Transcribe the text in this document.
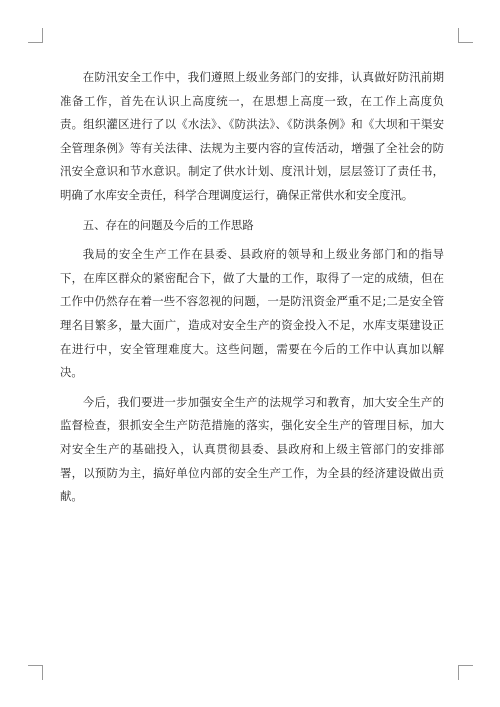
在防汛安全工作中，我们遵照上级业务部门的安排，认真做好防汛前期准备工作，首先在认识上高度统一，在思想上高度一致，在工作上高度负责。组织灌区进行了以《水法》、《防洪法》、《防洪条例》和《大坝和干渠安全管理条例》等有关法律、法规为主要内容的宣传活动，增强了全社会的防汛安全意识和节水意识。制定了供水计划、度汛计划，层层签订了责任书，明确了水库安全责任，科学合理调度运行，确保正常供水和安全度汛。

五、存在的问题及今后的工作思路

我局的安全生产工作在县委、县政府的领导和上级业务部门和的指导下，在库区群众的紧密配合下，做了大量的工作，取得了一定的成绩，但在工作中仍然存在着一些不容忽视的问题，一是防汛资金严重不足;二是安全管理名目繁多，量大面广，造成对安全生产的资金投入不足，水库支渠建设正在进行中，安全管理难度大。这些问题，需要在今后的工作中认真加以解决。

今后，我们要进一步加强安全生产的法规学习和教育，加大安全生产的监督检查，狠抓安全生产防范措施的落实，强化安全生产的管理目标，加大对安全生产的基础投入，认真贯彻县委、县政府和上级主管部门的安排部署，以预防为主，搞好单位内部的安全生产工作，为全县的经济建设做出贡献。
